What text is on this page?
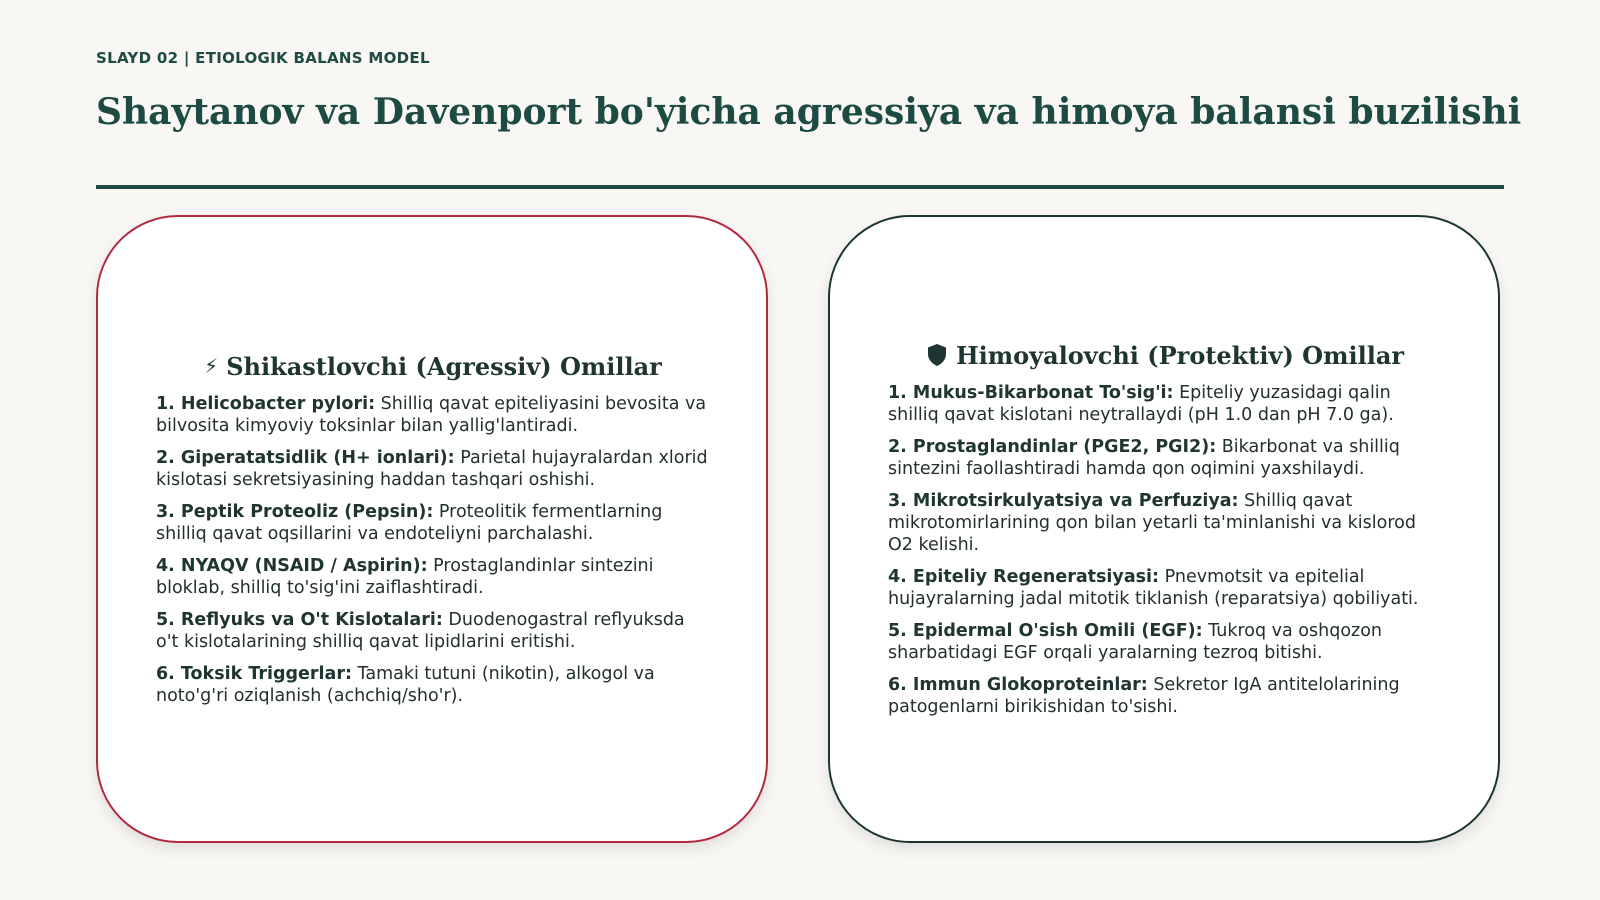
SLAYD 02 | ETIOLOGIK BALANS MODEL
Shaytanov va Davenport bo'yicha agressiya va himoya balansi buzilishi
⚡ Shikastlovchi (Agressiv) Omillar
1. Helicobacter pylori: Shilliq qavat epiteliyasini bevosita va bilvosita kimyoviy toksinlar bilan yallig'lantiradi.
2. Giperatatsidlik (H+ ionlari): Parietal hujayralardan xlorid kislotasi sekretsiyasining haddan tashqari oshishi.
3. Peptik Proteoliz (Pepsin): Proteolitik fermentlarning shilliq qavat oqsillarini va endoteliyni parchalashi.
4. NYAQV (NSAID / Aspirin): Prostaglandinlar sintezini bloklab, shilliq to'sig'ini zaiflashtiradi.
5. Reflyuks va O't Kislotalari: Duodenogastral reflyuksda o't kislotalarining shilliq qavat lipidlarini eritishi.
6. Toksik Triggerlar: Tamaki tutuni (nikotin), alkogol va noto'g'ri oziqlanish (achchiq/sho'r).
Himoyalovchi (Protektiv) Omillar
1. Mukus-Bikarbonat To'sig'i: Epiteliy yuzasidagi qalin shilliq qavat kislotani neytrallaydi (pH 1.0 dan pH 7.0 ga).
2. Prostaglandinlar (PGE2, PGI2): Bikarbonat va shilliq sintezini faollashtiradi hamda qon oqimini yaxshilaydi.
3. Mikrotsirkulyatsiya va Perfuziya: Shilliq qavat mikrotomirlarining qon bilan yetarli ta'minlanishi va kislorod O2 kelishi.
4. Epiteliy Regeneratsiyasi: Pnevmotsit va epitelial hujayralarning jadal mitotik tiklanish (reparatsiya) qobiliyati.
5. Epidermal O'sish Omili (EGF): Tukroq va oshqozon sharbatidagi EGF orqali yaralarning tezroq bitishi.
6. Immun Glokoproteinlar: Sekretor IgA antitelolarining patogenlarni birikishidan to'sishi.
